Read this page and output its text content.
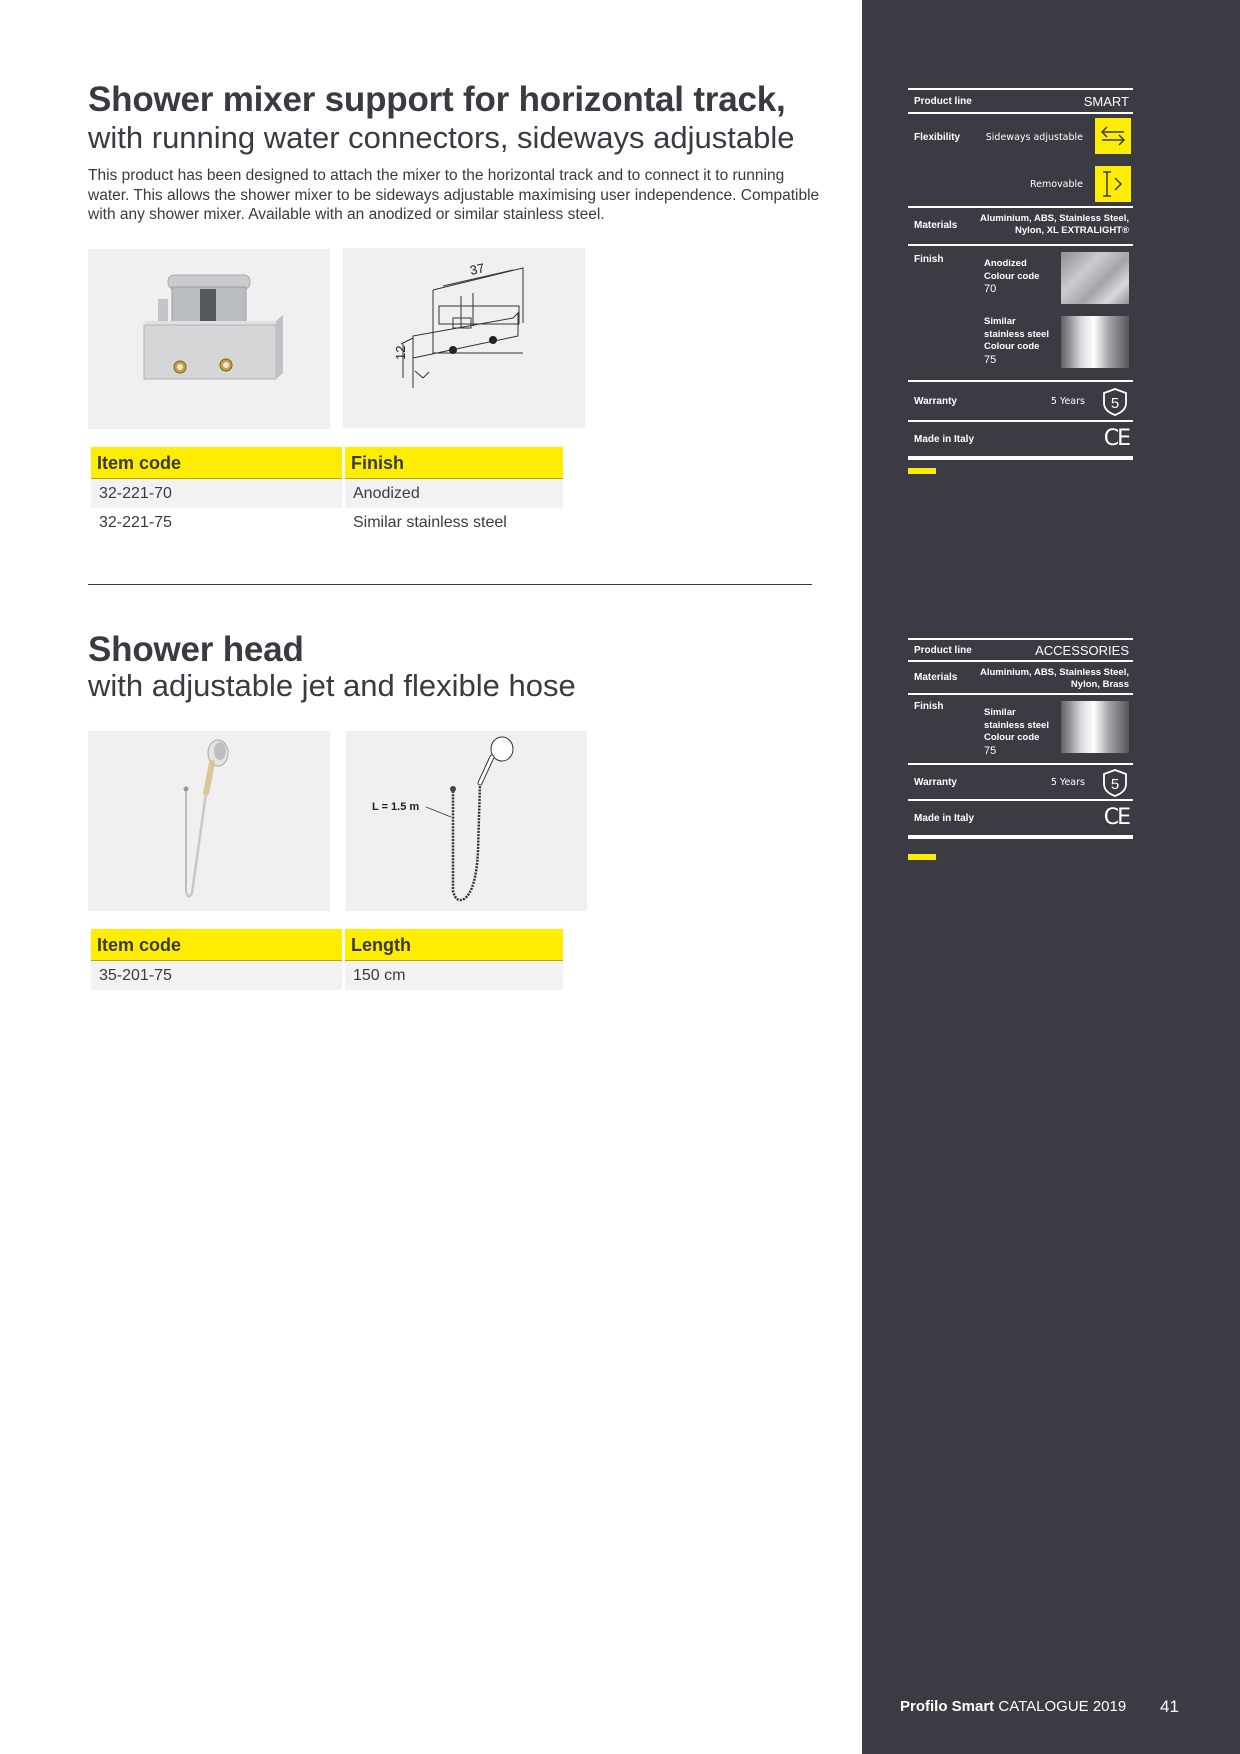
Shower mixer support for horizontal track,
with running water connectors, sideways adjustable
This product has been designed to attach the mixer to the horizontal track and to connect it to running water. This allows the shower mixer to be sideways adjustable maximising user independence. Compatible with any shower mixer. Available with an anodized or similar stainless steel.
37
12
Item code	Finish
32-221-70	Anodized
32-221-75	Similar stainless steel
Shower head
with adjustable jet and flexible hose
L = 1.5 m
Item code	Length
35-201-75	150 cm
Product line	SMART
Flexibility	Sideways adjustable
Removable
Materials
Aluminium, ABS, Stainless Steel, Nylon, XL EXTRALIGHT®
Finish	Anodized
Colour code
70
Similar
stainless steel
Colour code
75
Warranty	5 Years 5
Made in Italy	CE
Product line	ACCESSORIES
Materials Aluminium, ABS, Stainless Steel, Nylon, Brass
Finish
Similar
stainless steel
Colour code
75
Warranty	5 Years 5
Made in Italy	CE
Profilo Smart CATALOGUE 2019 41
